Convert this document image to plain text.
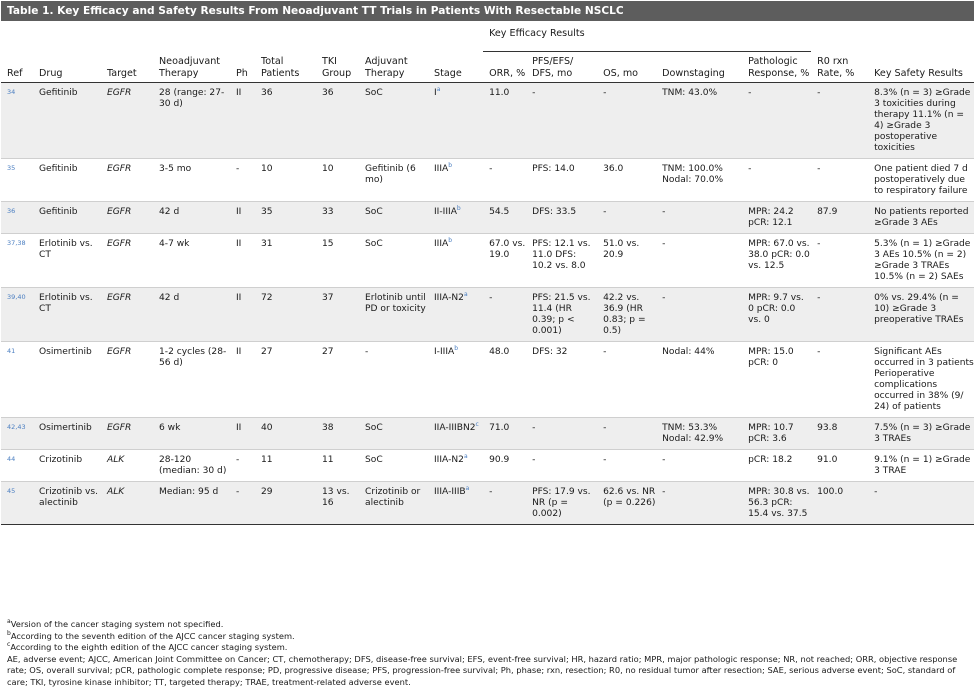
Table 1. Key Efficacy and Safety Results From Neoadjuvant TT Trials in Patients With Resectable NSCLC
									Key Efficacy Results						
Ref	Drug	Target	Neoadjuvant Therapy	Ph	Total Patients	TKI Group	Adjuvant Therapy	Stage	ORR, %	PFS/EFS/ DFS, mo	OS, mo	Downstaging	Pathologic Response, %	R0 rxn Rate, %	Key Safety Results
$^{34}$	Gefitinib	EGFR	28 (range: 27-30 d)	II	36	36	SoC	$I^a$	11.0	-	-	TNM: 43.0%	-	-	8.3% (n = 3) ≥Grade 3 toxicities during therapy 11.1% (n = 4) ≥Grade 3 postoperative toxicities
$^{35}$	Gefitinib	EGFR	3-5 mo	-	10	10	Gefitinib (6 mo)	IIIA$^b$	-	PFS: 14.0	36.0	TNM: 100.0% Nodal: 70.0%	-	-	One patient died 7 d postoperatively due to respiratory failure
$^{36}$	Gefitinib	EGFR	42 d	II	35	33	SoC	II-IIIA$^b$	54.5	DFS: 33.5	-	-	MPR: 24.2 pCR: 12.1	87.9	No patients reported ≥Grade 3 AEs
$^{37,38}$	Erlotinib vs. CT	EGFR	4-7 wk	II	31	15	SoC	IIIA$^b$	67.0 vs. 19.0	PFS: 12.1 vs. 11.0 DFS: 10.2 vs. 8.0	51.0 vs. 20.9	-	MPR: 67.0 vs. 38.0 pCR: 0.0 vs. 12.5	-	5.3% (n = 1) ≥Grade 3 AEs 10.5% (n = 2) ≥Grade 3 TRAEs 10.5% (n = 2) SAEs
$^{39,40}$	Erlotinib vs. CT	EGFR	42 d	II	72	37	Erlotinib until PD or toxicity	IIIA-N2$^a$	-	PFS: 21.5 vs. 11.4 (HR 0.39; p < 0.001)	42.2 vs. 36.9 (HR 0.83; p = 0.5)	-	MPR: 9.7 vs. 0 pCR: 0.0 vs. 0	-	0% vs. 29.4% (n = 10) ≥Grade 3 preoperative TRAEs
$^{41}$	Osimertinib	EGFR	1-2 cycles (28-56 d)	II	27	27	-	I-IIIA$^b$	48.0	DFS: 32	-	Nodal: 44%	MPR: 15.0 pCR: 0	-	Significant AEs occurred in 3 patients Perioperative complications occurred in 38% (9/ 24) of patients
$^{42,43}$	Osimertinib	EGFR	6 wk	II	40	38	SoC	IIA-IIIBN2$^c$	71.0	-	-	TNM: 53.3% Nodal: 42.9%	MPR: 10.7 pCR: 3.6	93.8	7.5% (n = 3) ≥Grade 3 TRAEs
$^{44}$	Crizotinib	ALK	28-120 (median: 30 d)	-	11	11	SoC	IIIA-N2$^a$	90.9	-	-	-	pCR: 18.2	91.0	9.1% (n = 1) ≥Grade 3 TRAE
$^{45}$	Crizotinib vs. alectinib	ALK	Median: 95 d	-	29	13 vs. 16	Crizotinib or alectinib	IIIA-IIIB$^a$	-	PFS: 17.9 vs. NR (p = 0.002)	62.6 vs. NR (p = 0.226)	-	MPR: 30.8 vs. 56.3 pCR: 15.4 vs. 37.5	100.0	-

$^a$Version of the cancer staging system not specified.

$^b$According to the seventh edition of the AJCC cancer staging system.

$^c$According to the eighth edition of the AJCC cancer staging system.

AE, adverse event; AJCC, American Joint Committee on Cancer; CT, chemotherapy; DFS, disease-free survival; EFS, event-free survival; HR, hazard ratio; MPR, major pathologic response; NR, not reached; ORR, objective response rate; OS, overall survival; pCR, pathologic complete response; PD, progressive disease; PFS, progression-free survival; Ph, phase; rxn, resection; R0, no residual tumor after resection; SAE, serious adverse event; SoC, standard of care; TKI, tyrosine kinase inhibitor; TT, targeted therapy; TRAE, treatment-related adverse event.
